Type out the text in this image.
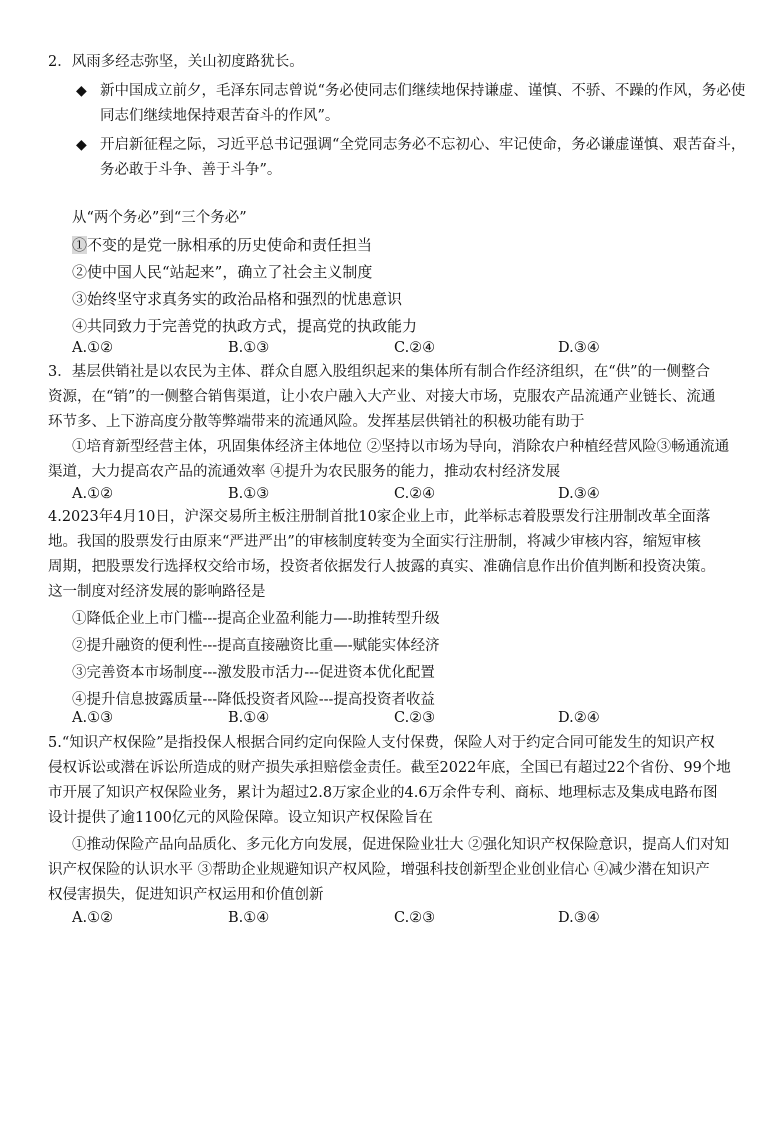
2．风雨多经志弥坚，关山初度路犹长。
◆ 新中国成立前夕，毛泽东同志曾说“务必使同志们继续地保持谦虚、谨慎、不骄、不躁的作风，务必使
同志们继续地保持艰苦奋斗的作风”。
◆ 开启新征程之际，习近平总书记强调“全党同志务必不忘初心、牢记使命，务必谦虚谨慎、艰苦奋斗，
务必敢于斗争、善于斗争”。
从“两个务必”到“三个务必”
①不变的是党一脉相承的历史使命和责任担当
②使中国人民“站起来”，确立了社会主义制度
③始终坚守求真务实的政治品格和强烈的忧患意识
④共同致力于完善党的执政方式，提高党的执政能力
A.①②	B.①③	C.②④	D.③④
3．基层供销社是以农民为主体、群众自愿入股组织起来的集体所有制合作经济组织，在“供”的一侧整合
资源，在“销”的一侧整合销售渠道，让小农户融入大产业、对接大市场，克服农产品流通产业链长、流通
环节多、上下游高度分散等弊端带来的流通风险。发挥基层供销社的积极功能有助于
①培育新型经营主体，巩固集体经济主体地位 ②坚持以市场为导向，消除农户种植经营风险③畅通流通
渠道，大力提高农产品的流通效率 ④提升为农民服务的能力，推动农村经济发展
A.①②	B.①③	C.②④	D.③④
4.2023年4月10日，沪深交易所主板注册制首批10家企业上市，此举标志着股票发行注册制改革全面落
地。我国的股票发行由原来“严进严出”的审核制度转变为全面实行注册制，将减少审核内容，缩短审核
周期，把股票发行选择权交给市场，投资者依据发行人披露的真实、准确信息作出价值判断和投资决策。
这一制度对经济发展的影响路径是
①降低企业上市门槛---提高企业盈利能力—-助推转型升级
②提升融资的便利性---提高直接融资比重—-赋能实体经济
③完善资本市场制度---激发股市活力---促进资本优化配置
④提升信息披露质量---降低投资者风险---提高投资者收益
A.①③	B.①④	C.②③	D.②④
5.“知识产权保险”是指投保人根据合同约定向保险人支付保费，保险人对于约定合同可能发生的知识产权
侵权诉讼或潜在诉讼所造成的财产损失承担赔偿金责任。截至2022年底，全国已有超过22个省份、99个地
市开展了知识产权保险业务，累计为超过2.8万家企业的4.6万余件专利、商标、地理标志及集成电路布图
设计提供了逾1100亿元的风险保障。设立知识产权保险旨在
①推动保险产品向品质化、多元化方向发展，促进保险业壮大 ②强化知识产权保险意识，提高人们对知
识产权保险的认识水平 ③帮助企业规避知识产权风险，增强科技创新型企业创业信心 ④减少潜在知识产
权侵害损失，促进知识产权运用和价值创新
A.①②	B.①④	C.②③	D.③④
